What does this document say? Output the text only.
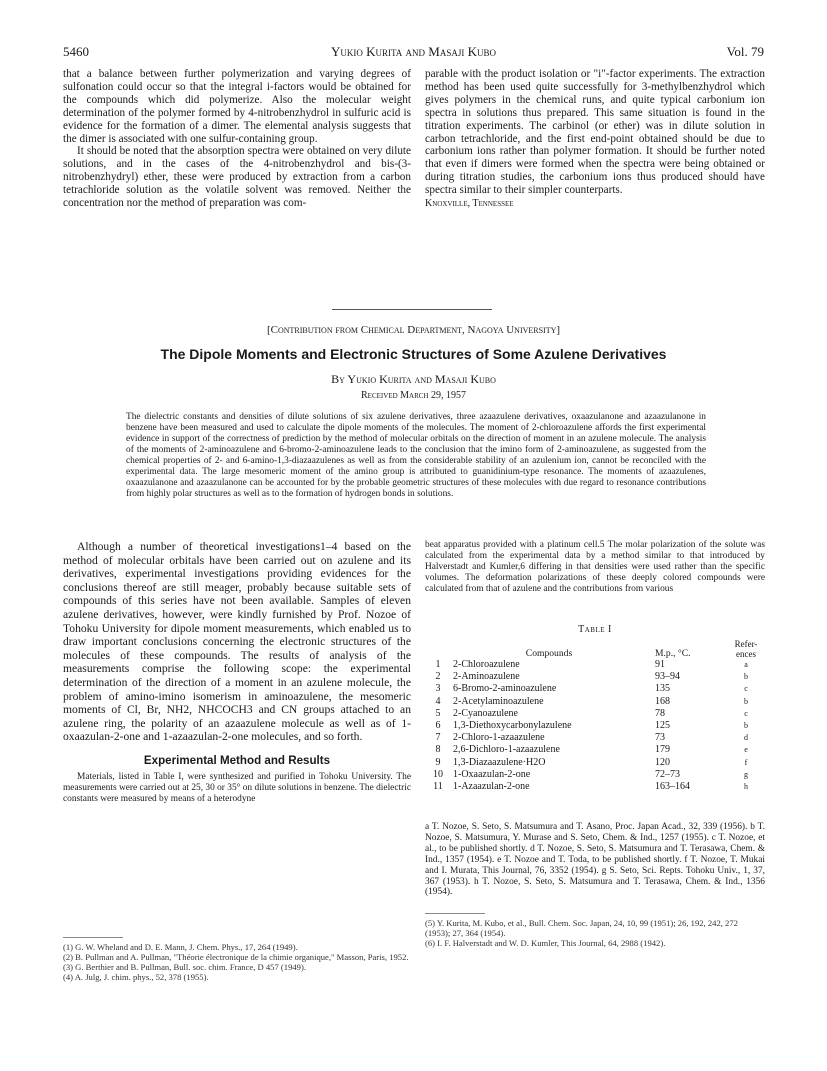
5460	Yukio Kurita and Masaji Kubo	Vol. 79

that a balance between further polymerization and varying degrees of sulfonation could occur so that the integral i-factors would be obtained for the compounds which did polymerize. Also the molecular weight determination of the polymer formed by 4-nitrobenzhydrol in sulfuric acid is evidence for the formation of a dimer. The elemental analysis suggests that the dimer is associated with one sulfur-containing group.

It should be noted that the absorption spectra were obtained on very dilute solutions, and in the cases of the 4-nitrobenzhydrol and bis-(3-nitrobenzhydryl) ether, these were produced by extraction from a carbon tetrachloride solution as the volatile solvent was removed. Neither the concentration nor the method of preparation was com-

parable with the product isolation or "i"-factor experiments. The extraction method has been used quite successfully for 3-methylbenzhydrol which gives polymers in the chemical runs, and quite typical carbonium ion spectra in solutions thus prepared. This same situation is found in the titration experiments. The carbinol (or ether) was in dilute solution in carbon tetrachloride, and the first end-point obtained should be due to carbonium ions rather than polymer formation. It should be further noted that even if dimers were formed when the spectra were being obtained or during titration studies, the carbonium ions thus produced should have spectra similar to their simpler counterparts.

Knoxville, Tennessee

[Contribution from Chemical Department, Nagoya University]
The Dipole Moments and Electronic Structures of Some Azulene Derivatives
By Yukio Kurita and Masaji Kubo
Received March 29, 1957
The dielectric constants and densities of dilute solutions of six azulene derivatives, three azaazulene derivatives, oxaazulanone and azaazulanone in benzene have been measured and used to calculate the dipole moments of the molecules. The moment of 2-chloroazulene affords the first experimental evidence in support of the correctness of prediction by the method of molecular orbitals on the direction of moment in an azulene molecule. The analysis of the moments of 2-aminoazulene and 6-bromo-2-aminoazulene leads to the conclusion that the imino form of 2-aminoazulene, as suggested from the chemical properties of 2- and 6-amino-1,3-diazaazulenes as well as from the considerable stability of an azulenium ion, cannot be reconciled with the experimental data. The large mesomeric moment of the amino group is attributed to guanidinium-type resonance. The moments of azaazulenes, oxaazulanone and azaazulanone can be accounted for by the probable geometric structures of these molecules with due regard to resonance contributions from highly polar structures as well as to the formation of hydrogen bonds in solutions.

Although a number of theoretical investigations1–4 based on the method of molecular orbitals have been carried out on azulene and its derivatives, experimental investigations providing evidences for the conclusions thereof are still meager, probably because suitable sets of compounds of this series have not been available. Samples of eleven azulene derivatives, however, were kindly furnished by Prof. Nozoe of Tohoku University for dipole moment measurements, which enabled us to draw important conclusions concerning the electronic structures of the molecules of these compounds. The results of analysis of the measurements comprise the following scope: the experimental determination of the direction of a moment in an azulene molecule, the problem of amino-imino isomerism in aminoazulene, the mesomeric moments of Cl, Br, NH2, NHCOCH3 and CN groups attached to an azulene ring, the polarity of an azaazulene molecule as well as of 1-oxaazulan-2-one and 1-azaazulan-2-one molecules, and so forth.

Experimental Method and Results

Materials, listed in Table I, were synthesized and purified in Tohoku University. The measurements were carried out at 25, 30 or 35° on dilute solutions in benzene. The dielectric constants were measured by means of a heterodyne

(1) G. W. Wheland and D. E. Mann, J. Chem. Phys., 17, 264 (1949).
(2) B. Pullman and A. Pullman, "Théorie électronique de la chimie organique," Masson, Paris, 1952.
(3) G. Berthier and B. Pullman, Bull. soc. chim. France, D 457 (1949).
(4) A. Julg, J. chim. phys., 52, 378 (1955).

beat apparatus provided with a platinum cell.5 The molar polarization of the solute was calculated from the experimental data by a method similar to that introduced by Halverstadt and Kumler,6 differing in that densities were used rather than the specific volumes. The deformation polarizations of these deeply colored compounds were calculated from that of azulene and the contributions from various

Table I
	Compounds	M.p., °C.	Refer-ences
1	2-Chloroazulene	91	a
2	2-Aminoazulene	93–94	b
3	6-Bromo-2-aminoazulene	135	c
4	2-Acetylaminoazulene	168	b
5	2-Cyanoazulene	78	c
6	1,3-Diethoxycarbonylazulene	125	b
7	2-Chloro-1-azaazulene	73	d
8	2,6-Dichloro-1-azaazulene	179	e
9	1,3-Diazaazulene·H2O	120	f
10	1-Oxaazulan-2-one	72–73	g
11	1-Azaazulan-2-one	163–164	h
a T. Nozoe, S. Seto, S. Matsumura and T. Asano, Proc. Japan Acad., 32, 339 (1956). b T. Nozoe, S. Matsumura, Y. Murase and S. Seto, Chem. & Ind., 1257 (1955). c T. Nozoe, et al., to be published shortly. d T. Nozoe, S. Seto, S. Matsumura and T. Terasawa, Chem. & Ind., 1357 (1954). e T. Nozoe and T. Toda, to be published shortly. f T. Nozoe, T. Mukai and I. Murata, This Journal, 76, 3352 (1954). g S. Seto, Sci. Repts. Tohoku Univ., 1, 37, 367 (1953). h T. Nozoe, S. Seto, S. Matsumura and T. Terasawa, Chem. & Ind., 1356 (1954).
(5) Y. Kurita, M. Kubo, et al., Bull. Chem. Soc. Japan, 24, 10, 99 (1951); 26, 192, 242, 272 (1953); 27, 364 (1954).
(6) I. F. Halverstadt and W. D. Kumler, This Journal, 64, 2988 (1942).
